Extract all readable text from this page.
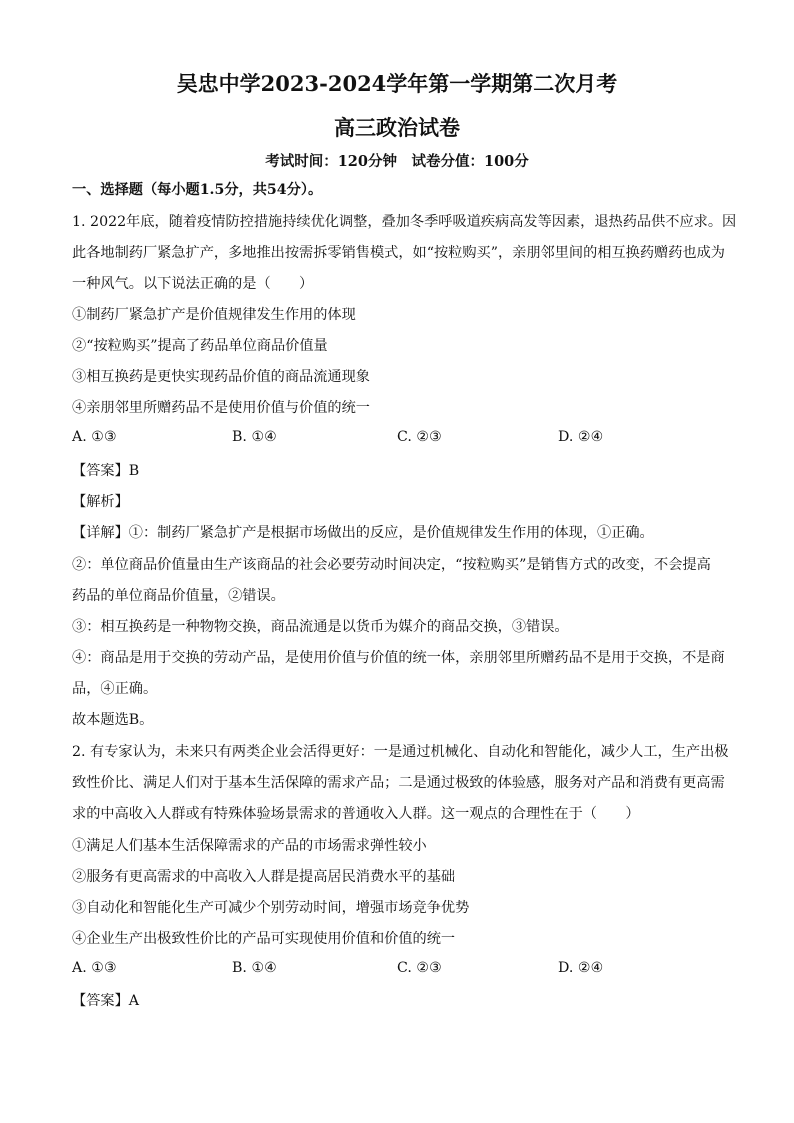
吴忠中学2023-2024学年第一学期第二次月考
高三政治试卷
考试时间：120分钟　试卷分值：100分
一、选择题（每小题1.5分，共54分）。
1. 2022年底，随着疫情防控措施持续优化调整，叠加冬季呼吸道疾病高发等因素，退热药品供不应求。因
此各地制药厂紧急扩产，多地推出按需拆零销售模式，如“按粒购买”，亲朋邻里间的相互换药赠药也成为
一种风气。以下说法正确的是（　　）
①制药厂紧急扩产是价值规律发生作用的体现
②“按粒购买”提高了药品单位商品价值量
③相互换药是更快实现药品价值的商品流通现象
④亲朋邻里所赠药品不是使用价值与价值的统一
A. ①③	B. ①④	C. ②③	D. ②④
【答案】B
【解析】
【详解】①：制药厂紧急扩产是根据市场做出的反应，是价值规律发生作用的体现，①正确。
②：单位商品价值量由生产该商品的社会必要劳动时间决定，“按粒购买”是销售方式的改变，不会提高
药品的单位商品价值量，②错误。
③：相互换药是一种物物交换，商品流通是以货币为媒介的商品交换，③错误。
④：商品是用于交换的劳动产品，是使用价值与价值的统一体，亲朋邻里所赠药品不是用于交换，不是商
品，④正确。
故本题选B。
2. 有专家认为，未来只有两类企业会活得更好：一是通过机械化、自动化和智能化，减少人工，生产出极
致性价比、满足人们对于基本生活保障的需求产品；二是通过极致的体验感，服务对产品和消费有更高需
求的中高收入人群或有特殊体验场景需求的普通收入人群。这一观点的合理性在于（　　）
①满足人们基本生活保障需求的产品的市场需求弹性较小
②服务有更高需求的中高收入人群是提高居民消费水平的基础
③自动化和智能化生产可减少个别劳动时间，增强市场竞争优势
④企业生产出极致性价比的产品可实现使用价值和价值的统一
A. ①③	B. ①④	C. ②③	D. ②④
【答案】A
